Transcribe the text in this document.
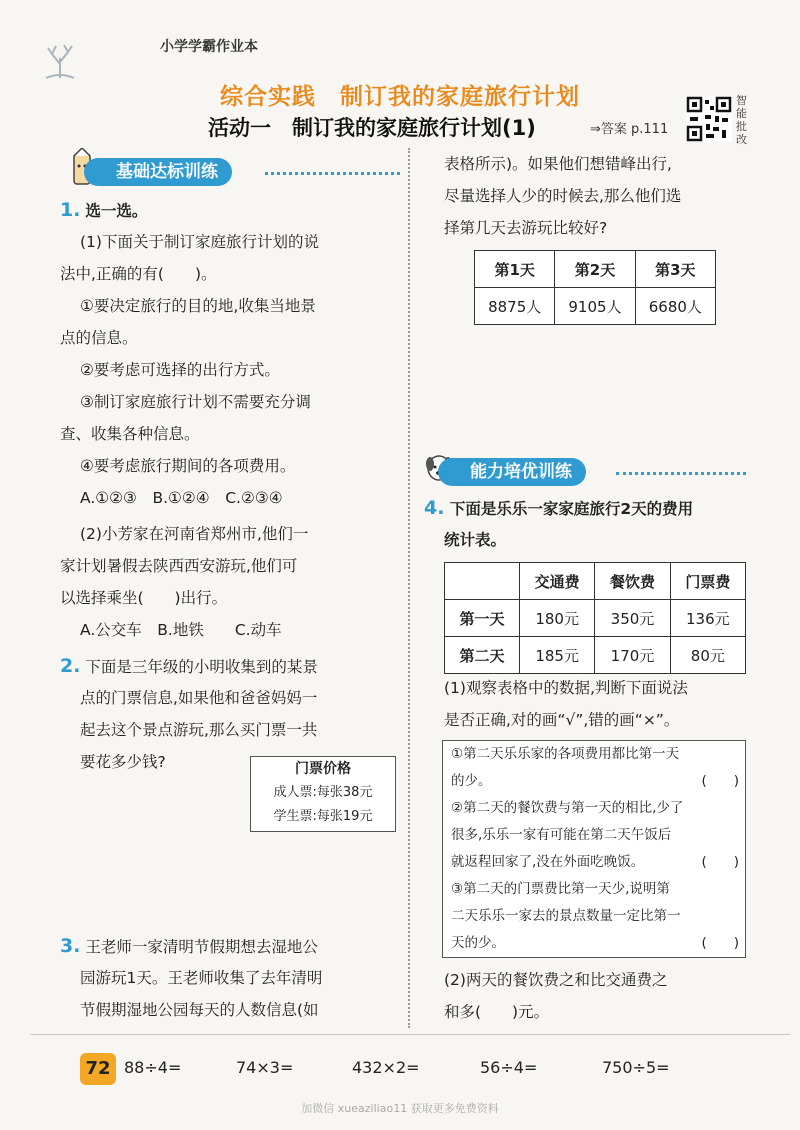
小学学霸作业本
综合实践　制订我的家庭旅行计划
活动一　制订我的家庭旅行计划(1)	⇒答案 p.111
智能批改
基础达标训练
1. 选一选。
(1)下面关于制订家庭旅行计划的说
法中,正确的有(　　)。
①要决定旅行的目的地,收集当地景
点的信息。
②要考虑可选择的出行方式。
③制订家庭旅行计划不需要充分调
查、收集各种信息。
④要考虑旅行期间的各项费用。
A.①②③　B.①②④　C.②③④
(2)小芳家在河南省郑州市,他们一
家计划暑假去陕西西安游玩,他们可
以选择乘坐(　　)出行。
A.公交车　B.地铁　　C.动车
2. 下面是三年级的小明收集到的某景
点的门票信息,如果他和爸爸妈妈一
起去这个景点游玩,那么买门票一共
要花多少钱?	门票价格
成人票:每张38元
学生票:每张19元
3. 王老师一家清明节假期想去湿地公
园游玩1天。王老师收集了去年清明
节假期湿地公园每天的人数信息(如
表格所示)。如果他们想错峰出行,
尽量选择人少的时候去,那么他们选
择第几天去游玩比较好?
第1天	第2天	第3天
8875人	9105人	6680人
能力培优训练
4. 下面是乐乐一家家庭旅行2天的费用
统计表。
	交通费	餐饮费	门票费
第一天	180元	350元	136元
第二天	185元	170元	80元
(1)观察表格中的数据,判断下面说法
是否正确,对的画“√”,错的画“×”。
①第二天乐乐家的各项费用都比第一天
的少。	(　　)
②第二天的餐饮费与第一天的相比,少了
很多,乐乐一家有可能在第二天午饭后
就返程回家了,没在外面吃晚饭。	(　　)
③第二天的门票费比第一天少,说明第
二天乐乐一家去的景点数量一定比第一
天的少。	(　　)
(2)两天的餐饮费之和比交通费之
和多(　　)元。
72 88÷4=	74×3=	432×2=	56÷4=	750÷5=
加微信 xueaziliao11 获取更多免费资料
